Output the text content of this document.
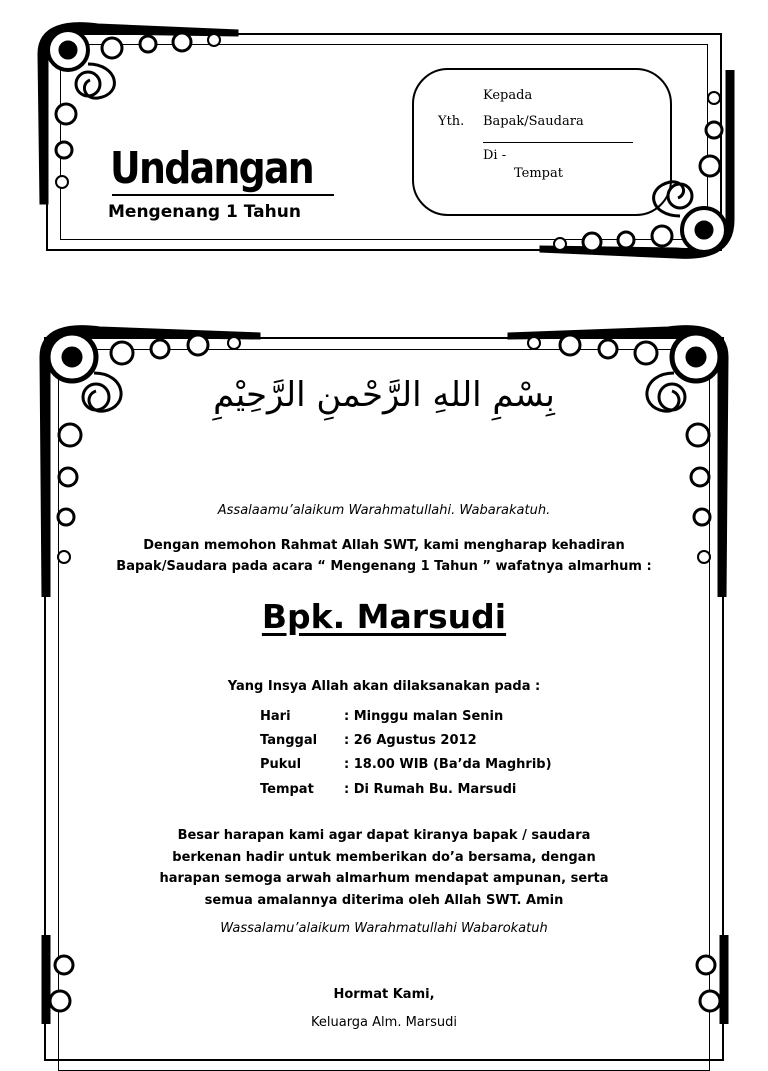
Undangan
Mengenang 1 Tahun
Kepada
Yth. Bapak/Saudara
Di -
Tempat
بِسْمِ اللهِ الرَّحْمنِ الرَّحِيْمِ
Assalaamu’alaikum Warahmatullahi. Wabarakatuh.
Dengan memohon Rahmat Allah SWT, kami mengharap kehadiran
Bapak/Saudara pada acara “ Mengenang 1 Tahun ” wafatnya almarhum :
Bpk. Marsudi
Yang Insya Allah akan dilaksanakan pada :
Hari	: Minggu malan Senin
Tanggal : 26 Agustus 2012
Pukul	: 18.00 WIB (Ba’da Maghrib)
Tempat : Di Rumah Bu. Marsudi
Besar harapan kami agar dapat kiranya bapak / saudara
berkenan hadir untuk memberikan do’a bersama, dengan
harapan semoga arwah almarhum mendapat ampunan, serta
semua amalannya diterima oleh Allah SWT. Amin
Wassalamu’alaikum Warahmatullahi Wabarokatuh
Hormat Kami,
Keluarga Alm. Marsudi
